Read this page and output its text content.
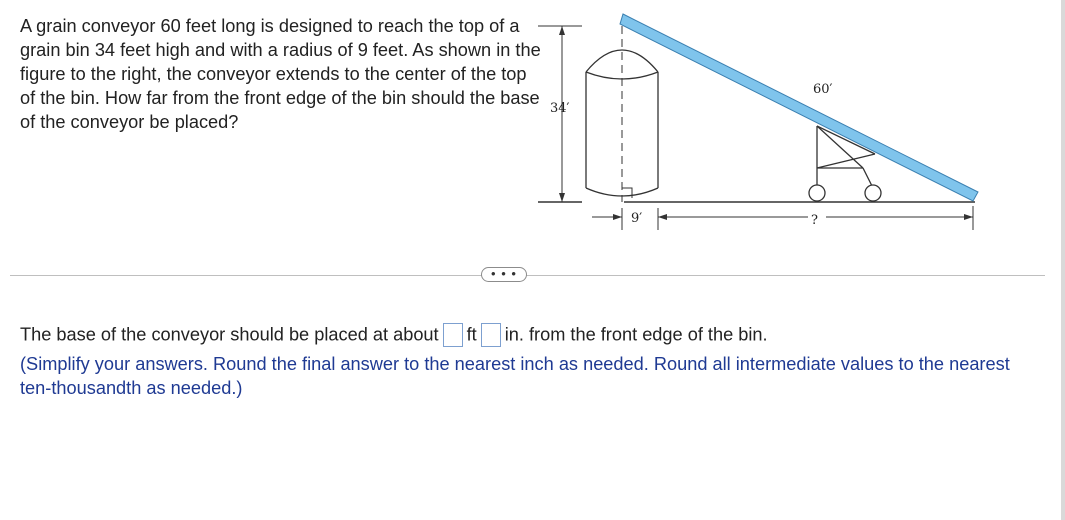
A grain conveyor 60 feet long is designed to reach the top of a grain bin 34 feet high and with a radius of 9 feet. As shown in the figure to the right, the conveyor extends to the center of the top of the bin. How far from the front edge of the bin should the base of the conveyor be placed?
34′
9′	?
60′
• • •
The base of the conveyor should be placed at about ft in. from the front edge of the bin.
(Simplify your answers. Round the final answer to the nearest inch as needed. Round all intermediate values to the nearest ten-thousandth as needed.)
